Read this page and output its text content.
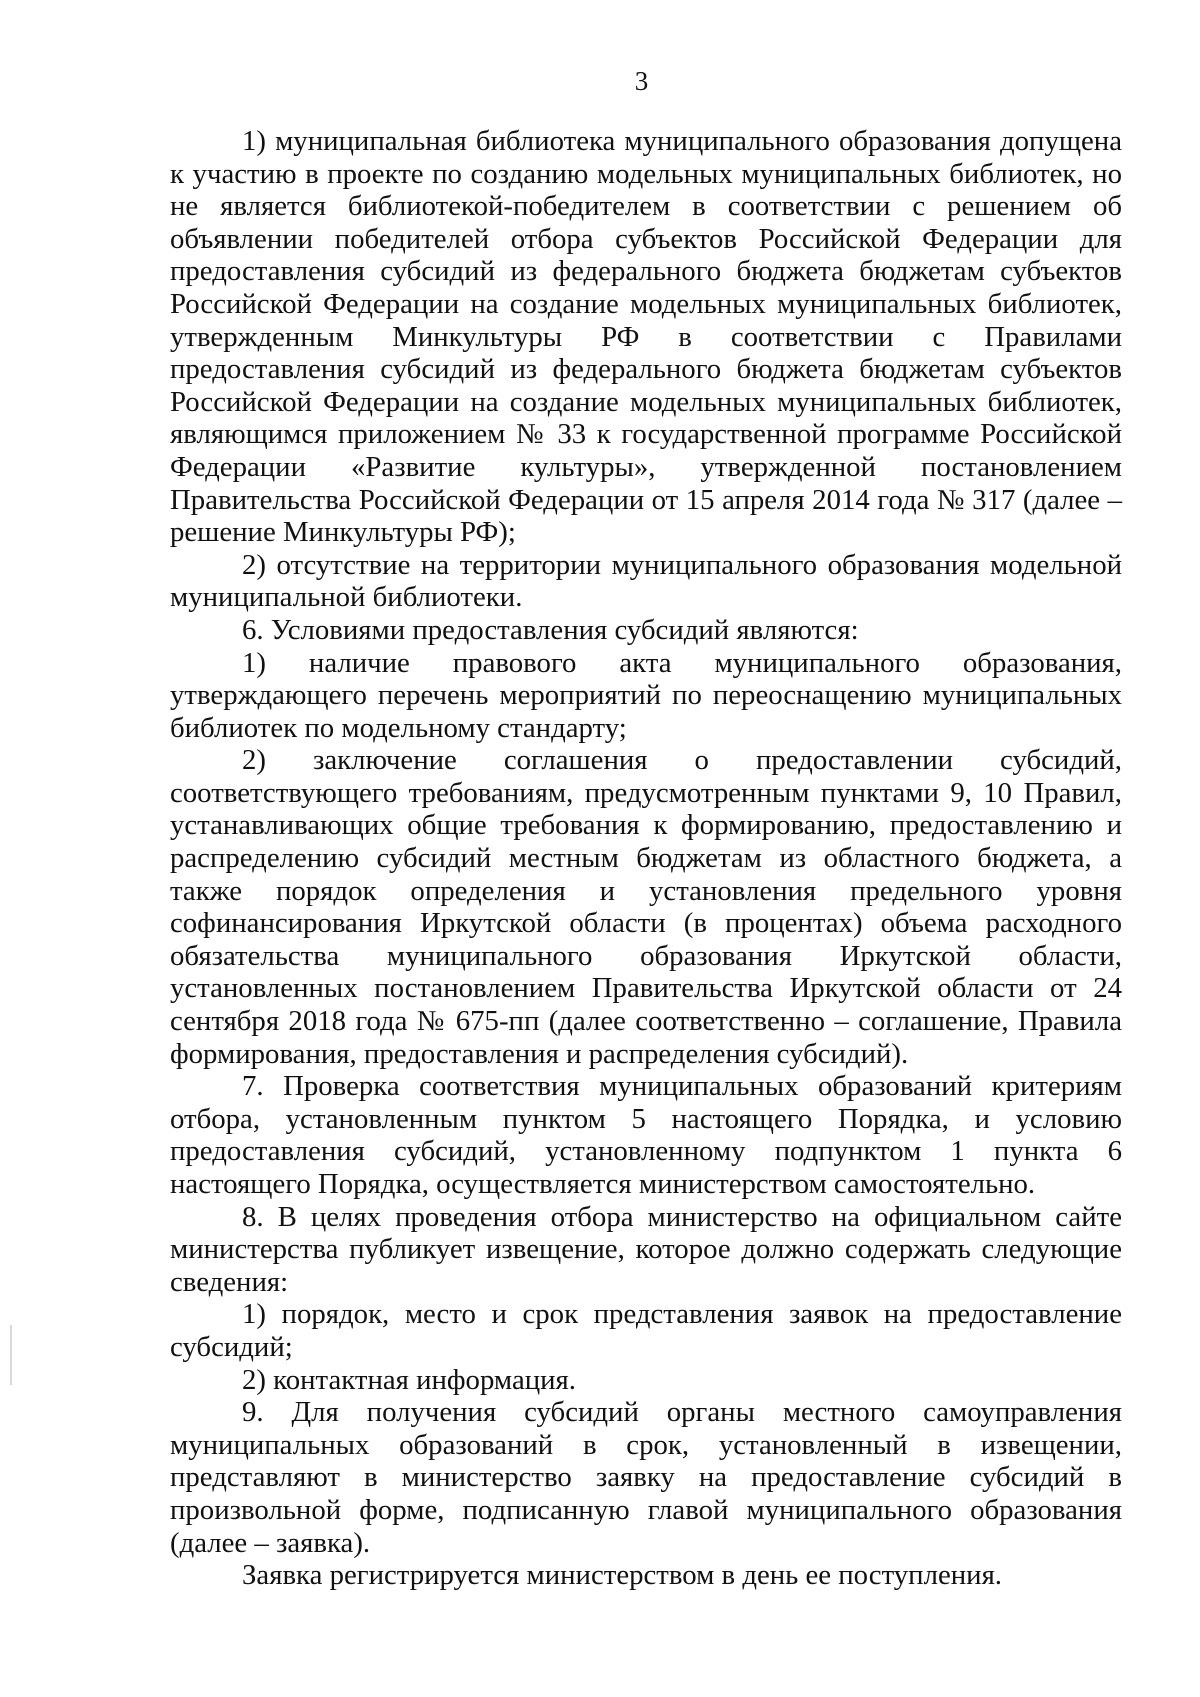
3

1) муниципальная библиотека муниципального образования допущена к участию в проекте по созданию модельных муниципальных библиотек, но не является библиотекой-победителем в соответствии с решением об объявлении победителей отбора субъектов Российской Федерации для предоставления субсидий из федерального бюджета бюджетам субъектов Российской Федерации на создание модельных муниципальных библиотек, утвержденным Минкультуры РФ в соответствии с Правилами предоставления субсидий из федерального бюджета бюджетам субъектов Российской Федерации на создание модельных муниципальных библиотек, являющимся приложением № 33 к государственной программе Российской Федерации «Развитие культуры», утвержденной постановлением Правительства Российской Федерации от 15 апреля 2014 года № 317 (далее – решение Минкультуры РФ);

2) отсутствие на территории муниципального образования модельной муниципальной библиотеки.

6. Условиями предоставления субсидий являются:

1) наличие правового акта муниципального образования, утверждающего перечень мероприятий по переоснащению муниципальных библиотек по модельному стандарту;

2) заключение соглашения о предоставлении субсидий, соответствующего требованиям, предусмотренным пунктами 9, 10 Правил, устанавливающих общие требования к формированию, предоставлению и распределению субсидий местным бюджетам из областного бюджета, а также порядок определения и установления предельного уровня софинансирования Иркутской области (в процентах) объема расходного обязательства муниципального образования Иркутской области, установленных постановлением Правительства Иркутской области от 24 сентября 2018 года № 675-пп (далее соответственно – соглашение, Правила формирования, предоставления и распределения субсидий).

7. Проверка соответствия муниципальных образований критериям отбора, установленным пунктом 5 настоящего Порядка, и условию предоставления субсидий, установленному подпунктом 1 пункта 6 настоящего Порядка, осуществляется министерством самостоятельно.

8. В целях проведения отбора министерство на официальном сайте министерства публикует извещение, которое должно содержать следующие сведения:

1) порядок, место и срок представления заявок на предоставление субсидий;

2) контактная информация.

9. Для получения субсидий органы местного самоуправления муниципальных образований в срок, установленный в извещении, представляют в министерство заявку на предоставление субсидий в произвольной форме, подписанную главой муниципального образования (далее – заявка).

Заявка регистрируется министерством в день ее поступления.
